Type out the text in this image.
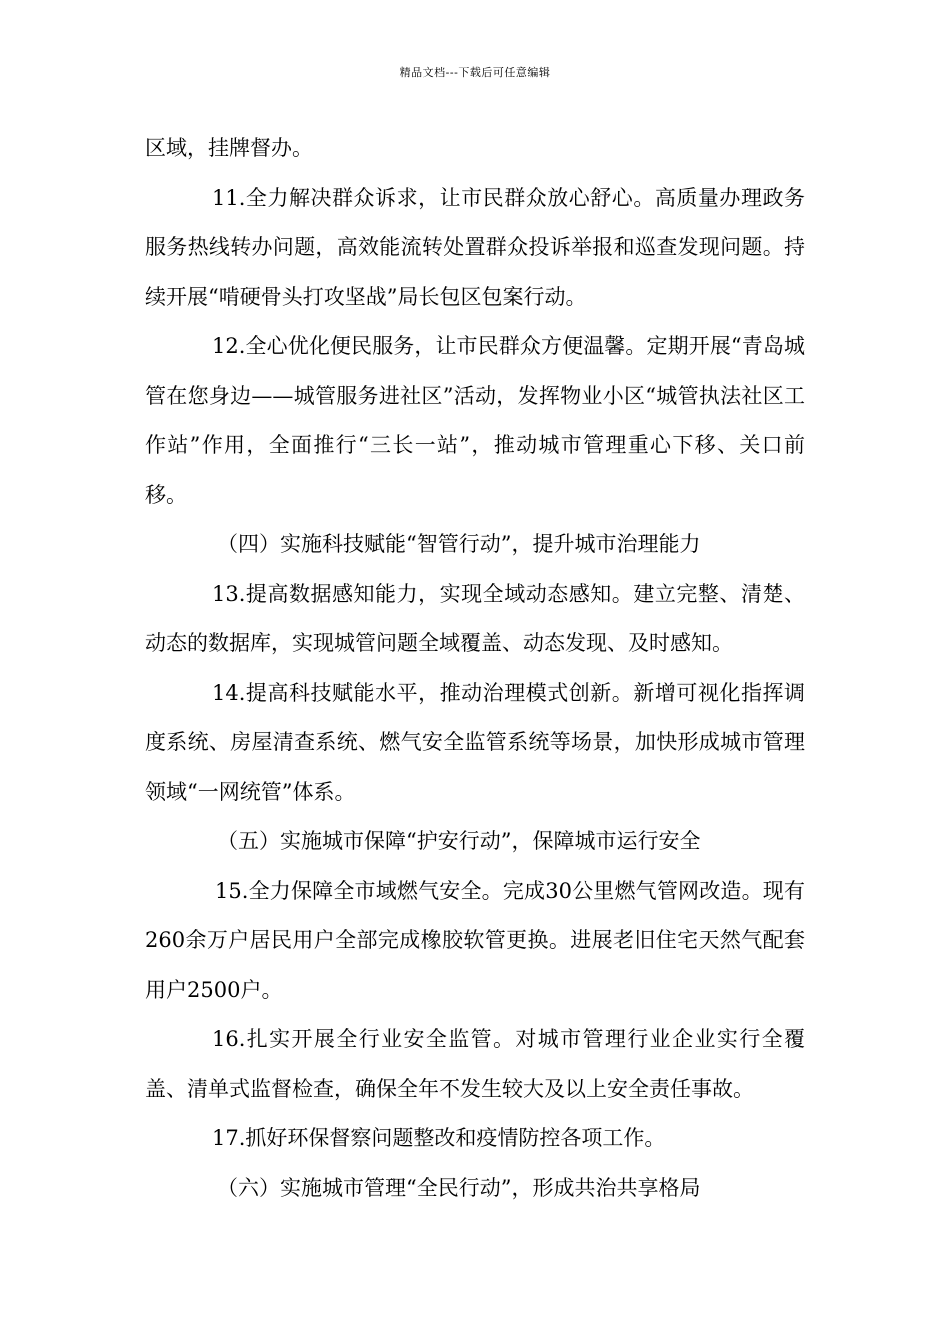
精品文档---下载后可任意编辑

区域，挂牌督办。

11.全力解决群众诉求，让市民群众放心舒心。高质量办理政务服务热线转办问题，高效能流转处置群众投诉举报和巡查发现问题。持续开展“啃硬骨头打攻坚战”局长包区包案行动。

12.全心优化便民服务，让市民群众方便温馨。定期开展“青岛城管在您身边——城管服务进社区”活动，发挥物业小区“城管执法社区工作站”作用，全面推行“三长一站”，推动城市管理重心下移、关口前移。

（四）实施科技赋能“智管行动”，提升城市治理能力

13.提高数据感知能力，实现全域动态感知。建立完整、清楚、动态的数据库，实现城管问题全域覆盖、动态发现、及时感知。

14.提高科技赋能水平，推动治理模式创新。新增可视化指挥调度系统、房屋清查系统、燃气安全监管系统等场景，加快形成城市管理领域“一网统管”体系。

（五）实施城市保障“护安行动”，保障城市运行安全

15.全力保障全市域燃气安全。完成30公里燃气管网改造。现有260余万户居民用户全部完成橡胶软管更换。进展老旧住宅天然气配套用户2500户。

16.扎实开展全行业安全监管。对城市管理行业企业实行全覆盖、清单式监督检查，确保全年不发生较大及以上安全责任事故。

17.抓好环保督察问题整改和疫情防控各项工作。

（六）实施城市管理“全民行动”，形成共治共享格局
